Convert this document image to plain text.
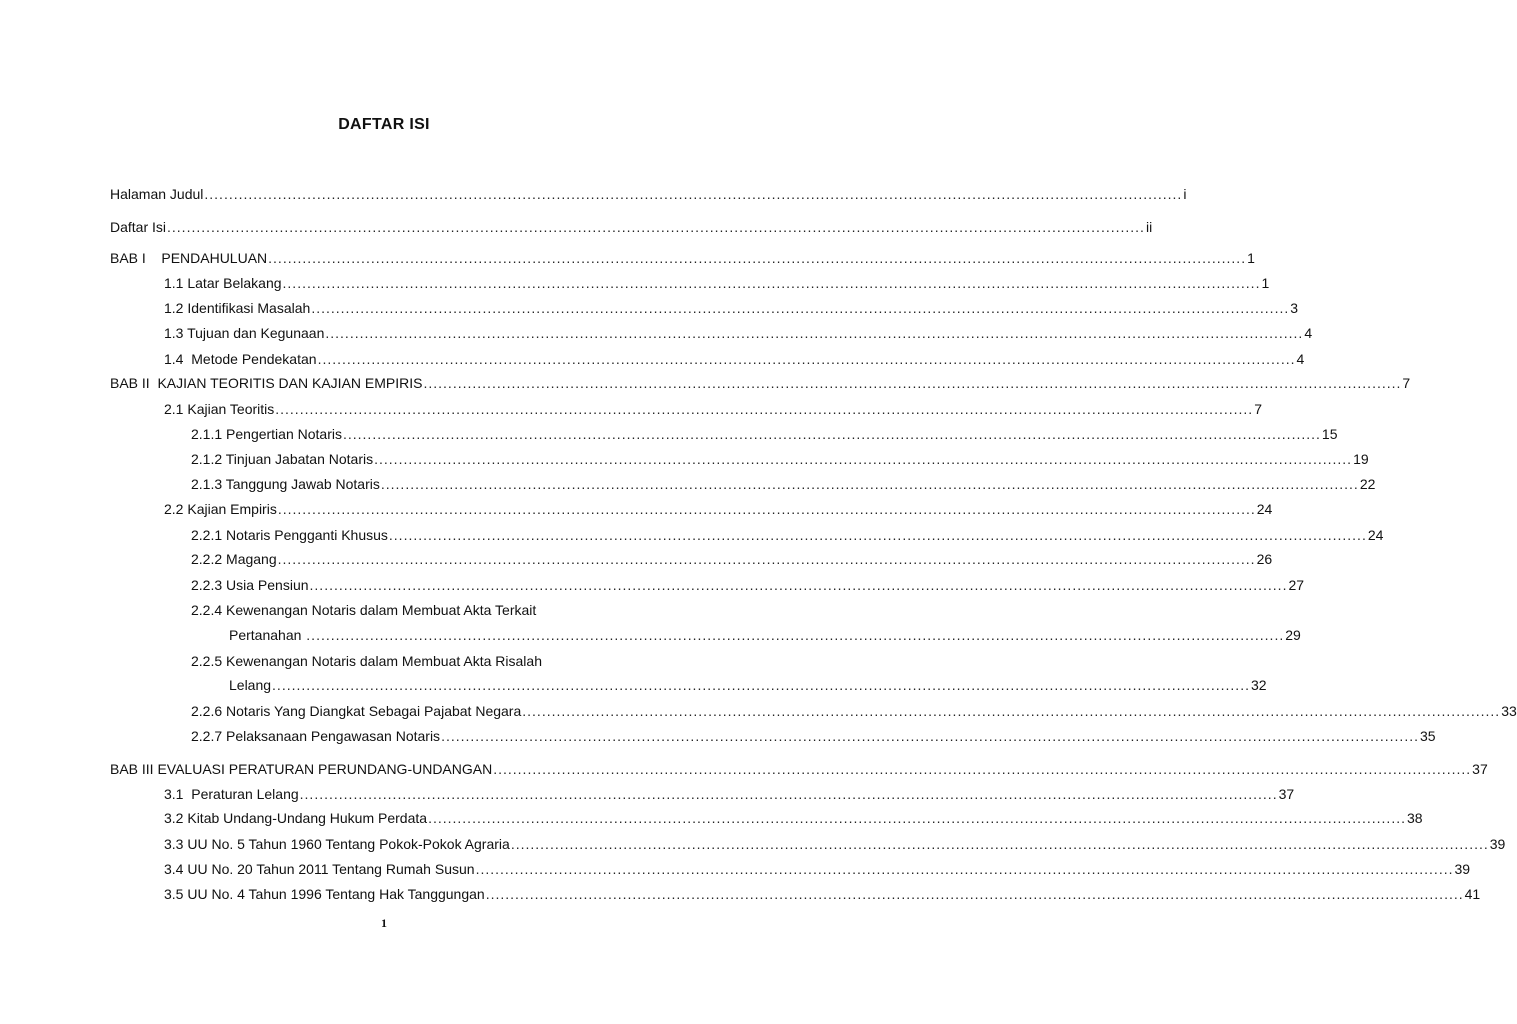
DAFTAR ISI
Halaman Judul ........................................................................................................................................................................................................ i
Daftar Isi ........................................................................................................................................................................................................ ii
BAB I    PENDAHULUAN ........................................................................................................................................................................................................ 1
1.1 Latar Belakang ........................................................................................................................................................................................................ 1
1.2 Identifikasi Masalah ........................................................................................................................................................................................................ 3
1.3 Tujuan dan Kegunaan ........................................................................................................................................................................................................ 4
1.4  Metode Pendekatan ........................................................................................................................................................................................................ 4
BAB II  KAJIAN TEORITIS DAN KAJIAN EMPIRIS ........................................................................................................................................................................................................ 7
2.1 Kajian Teoritis ........................................................................................................................................................................................................ 7
2.1.1 Pengertian Notaris ........................................................................................................................................................................................................ 15
2.1.2 Tinjuan Jabatan Notaris ........................................................................................................................................................................................................ 19
2.1.3 Tanggung Jawab Notaris ........................................................................................................................................................................................................ 22
2.2 Kajian Empiris ........................................................................................................................................................................................................ 24
2.2.1 Notaris Pengganti Khusus ........................................................................................................................................................................................................ 24
2.2.2 Magang ........................................................................................................................................................................................................ 26
2.2.3 Usia Pensiun ........................................................................................................................................................................................................ 27
2.2.4 Kewenangan Notaris dalam Membuat Akta Terkait
Pertanahan ........................................................................................................................................................................................................ 29
2.2.5 Kewenangan Notaris dalam Membuat Akta Risalah
Lelang ........................................................................................................................................................................................................ 32
2.2.6 Notaris Yang Diangkat Sebagai Pajabat Negara ........................................................................................................................................................................................................ 33
2.2.7 Pelaksanaan Pengawasan Notaris ........................................................................................................................................................................................................ 35
BAB III EVALUASI PERATURAN PERUNDANG-UNDANGAN ........................................................................................................................................................................................................ 37
3.1  Peraturan Lelang ........................................................................................................................................................................................................ 37
3.2 Kitab Undang-Undang Hukum Perdata ........................................................................................................................................................................................................ 38
3.3 UU No. 5 Tahun 1960 Tentang Pokok-Pokok Agraria ........................................................................................................................................................................................................ 39
3.4 UU No. 20 Tahun 2011 Tentang Rumah Susun ........................................................................................................................................................................................................ 39
3.5 UU No. 4 Tahun 1996 Tentang Hak Tanggungan ........................................................................................................................................................................................................ 41
1
